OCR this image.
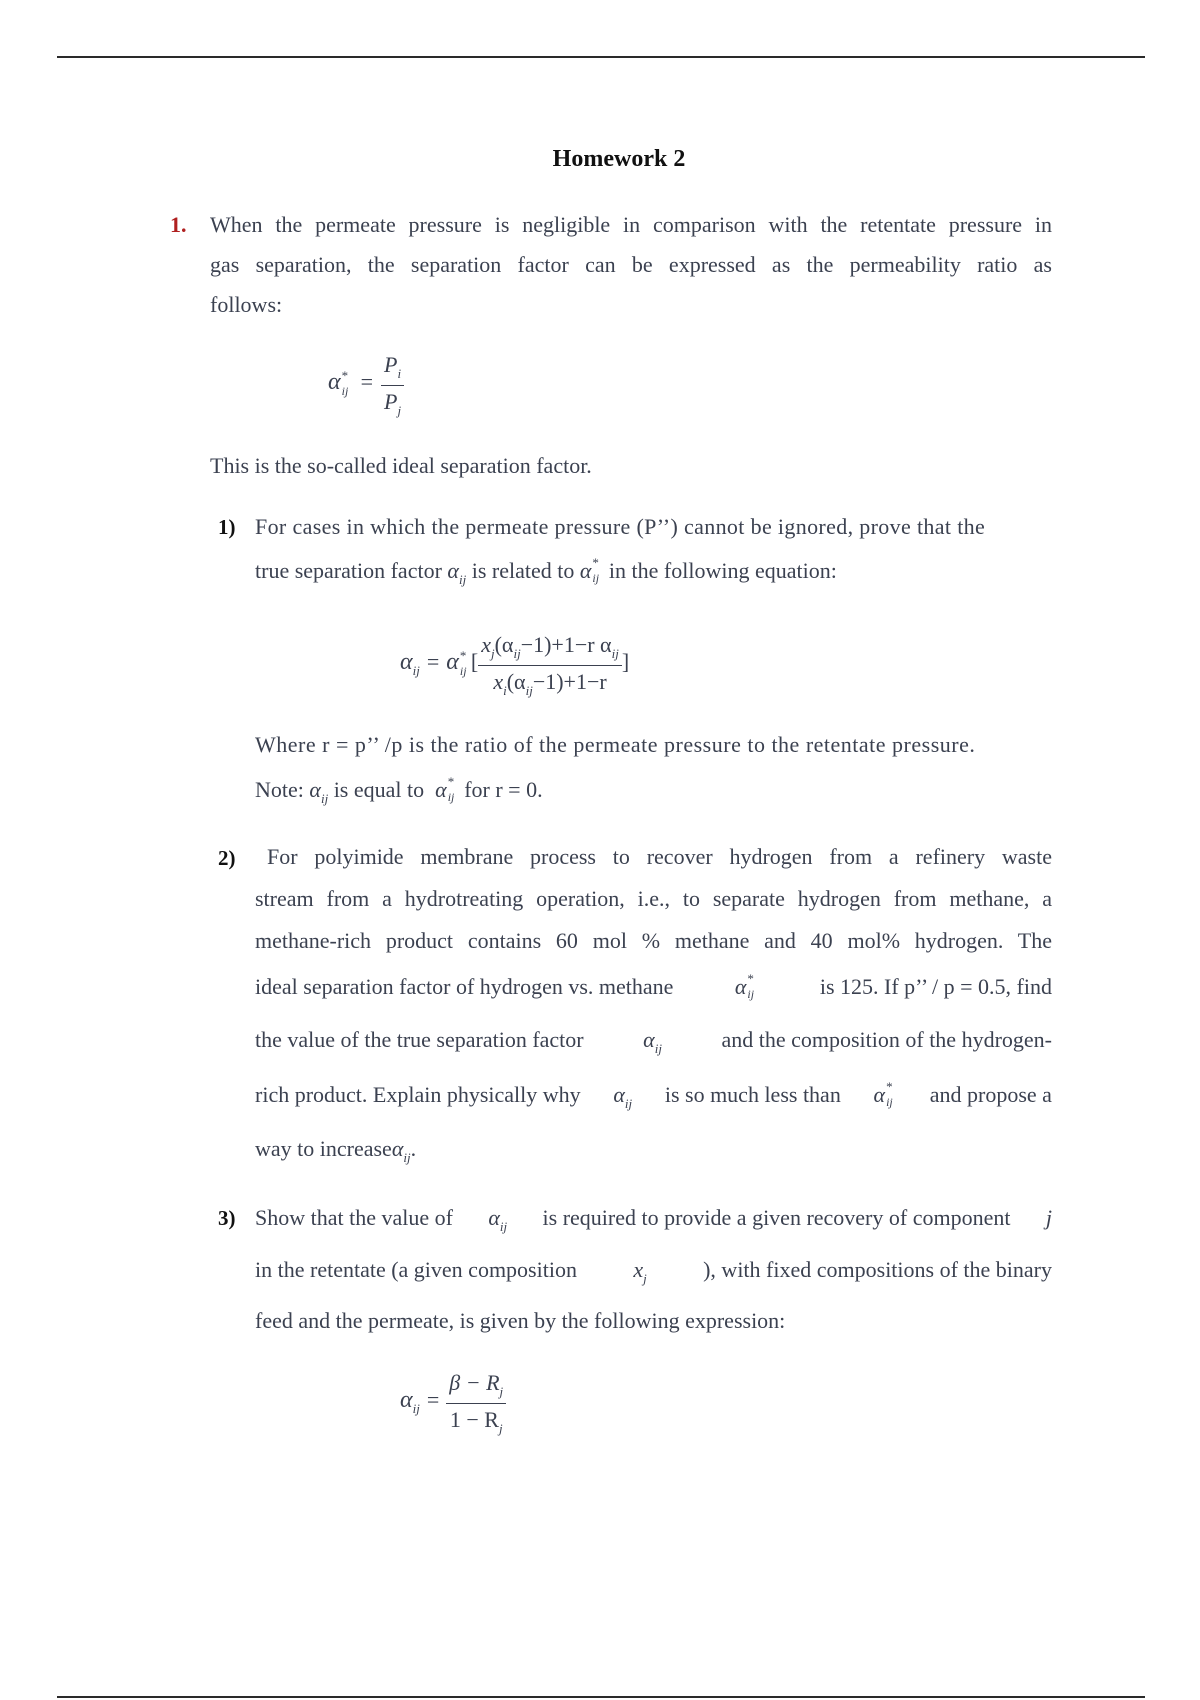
Homework 2
1. When the permeate pressure is negligible in comparison with the retentate pressure in
gas separation, the separation factor can be expressed as the permeability ratio as
follows:
α *
ij = $\frac{P_i}{P_j}$
This is the so-called ideal separation factor.
1) For cases in which the permeate pressure (P’’) cannot be ignored, prove that the
true separation factor $\alpha_{ij}$ is related to α *
ij in the following equation:
$\alpha_{ij} = \alpha$ *
ij [ $\frac{x_j(\alpha_{ij}-1)+1-r \alpha_{ij}}{x_i(\alpha_{ij}-1)+1-r}$ ]
Where r = p’’ /p is the ratio of the permeate pressure to the retentate pressure.
Note: $\alpha_{ij}$ is equal to α *
ij for r = 0.
2) For polyimide membrane process to recover hydrogen from a refinery waste
stream from a hydrotreating operation, i.e., to separate hydrogen from methane, a
methane-rich product contains 60 mol % methane and 40 mol% hydrogen. The
ideal separation factor of hydrogen vs. methane	α *
ij	is 125. If p’’ / p = 0.5, find
the value of the true separation factor	$\alpha_{ij}$	and the composition of the hydrogen-
rich product. Explain physically why $\alpha_{ij}$ is so much less than α *
ij and propose a
way to increaseα$_{ij}$.
3) Show that the value of $\alpha_{ij}$ is required to provide a given recovery of component j
in the retentate (a given composition	$x_j$	), with fixed compositions of the binary
feed and the permeate, is given by the following expression:
$\alpha_{ij} = \frac{\beta - R_j}{1 - R_j}$
